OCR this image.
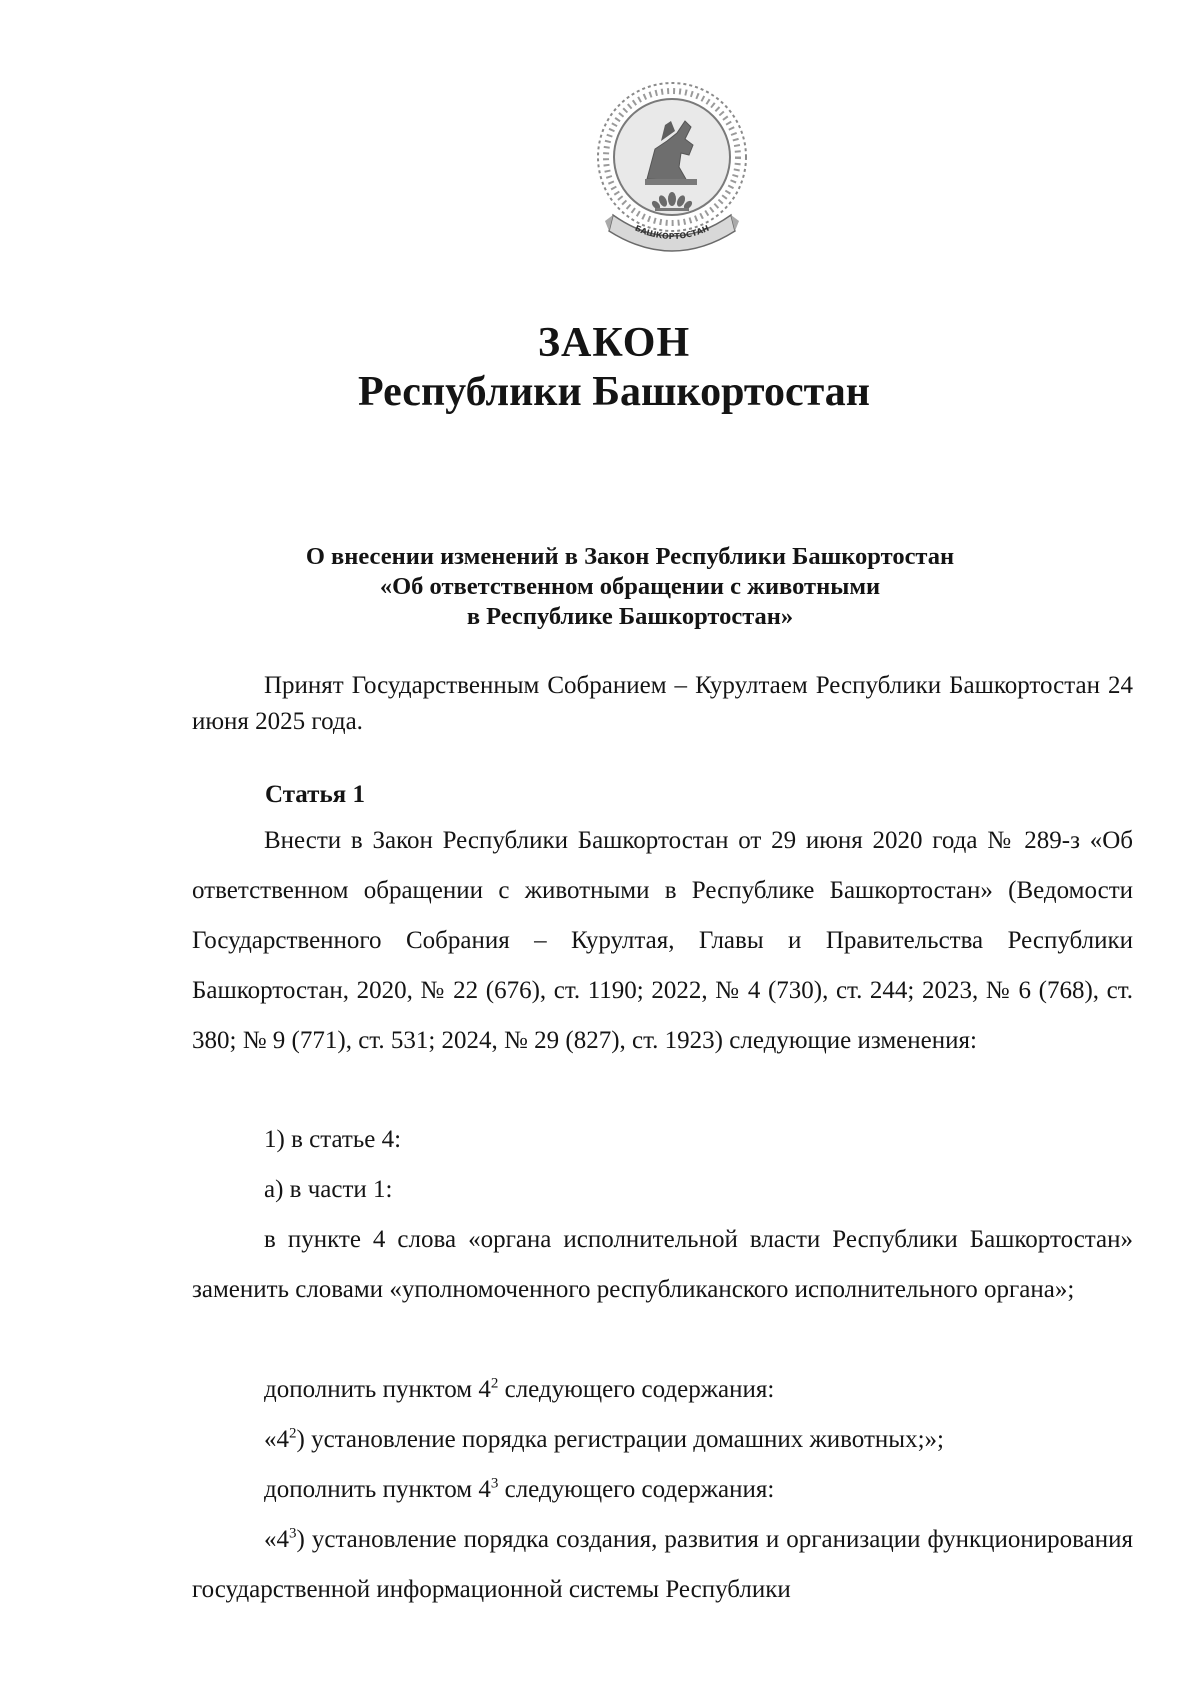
БАШКОРТОСТАН
ЗАКОН
Республики Башкортостан
О внесении изменений в Закон Республики Башкортостан
«Об ответственном обращении с животными
в Республике Башкортостан»

Принят Государственным Собранием – Курултаем Республики Башкортостан 24 июня 2025 года.

Статья 1

Внести в Закон Республики Башкортостан от 29 июня 2020 года № 289-з «Об ответственном обращении с животными в Республике Башкортостан» (Ведомости Государственного Собрания – Курултая, Главы и Правительства Республики Башкортостан, 2020, № 22 (676), ст. 1190; 2022, № 4 (730), ст. 244; 2023, № 6 (768), ст. 380; № 9 (771), ст. 531; 2024, № 29 (827), ст. 1923) следующие изменения:

1) в статье 4:

а) в части 1:

в пункте 4 слова «органа исполнительной власти Республики Башкортостан» заменить словами «уполномоченного республиканского исполнительного органа»;

дополнить пунктом $4^2$ следующего содержания:

«$4^2$) установление порядка регистрации домашних животных;»;

дополнить пунктом $4^3$ следующего содержания:

«$4^3$) установление порядка создания, развития и организации функционирования государственной информационной системы Республики
